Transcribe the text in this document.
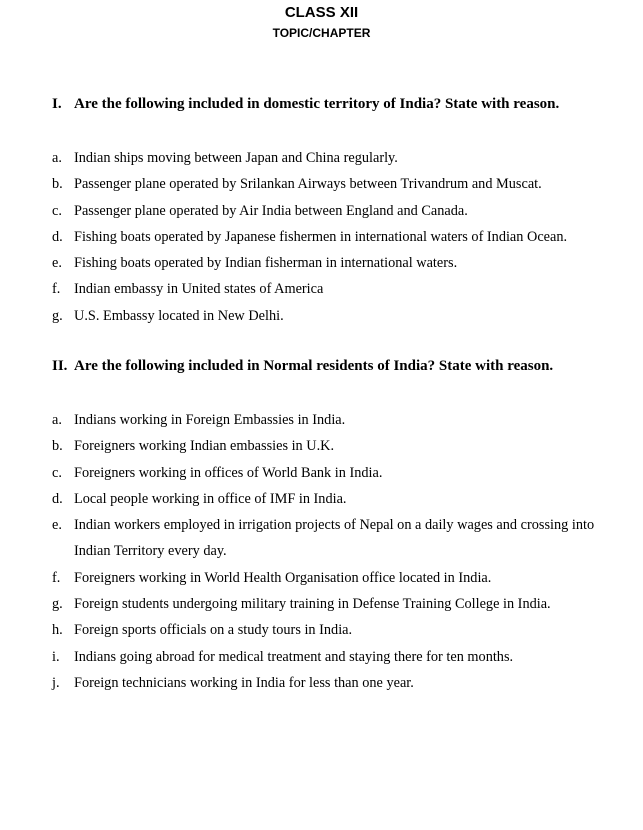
CLASS XII
TOPIC/CHAPTER
I. Are the following included in domestic territory of India? State with reason.
a. Indian ships moving between Japan and China regularly.
b. Passenger plane operated by Srilankan Airways between Trivandrum and Muscat.
c. Passenger plane operated by Air India between England and Canada.
d. Fishing boats operated by Japanese fishermen in international waters of Indian Ocean.
e. Fishing boats operated by Indian fisherman in international waters.
f. Indian embassy in United states of America
g. U.S. Embassy located in New Delhi.
II. Are the following included in Normal residents of India? State with reason.
a. Indians working in Foreign Embassies in India.
b. Foreigners working Indian embassies in U.K.
c. Foreigners working in offices of World Bank in India.
d. Local people working in office of IMF in India.
e. Indian workers employed in irrigation projects of Nepal on a daily wages and crossing into Indian Territory every day.
f. Foreigners working in World Health Organisation office located in India.
g. Foreign students undergoing military training in Defense Training College in India.
h. Foreign sports officials on a study tours in India.
i. Indians going abroad for medical treatment and staying there for ten months.
j. Foreign technicians working in India for less than one year.
